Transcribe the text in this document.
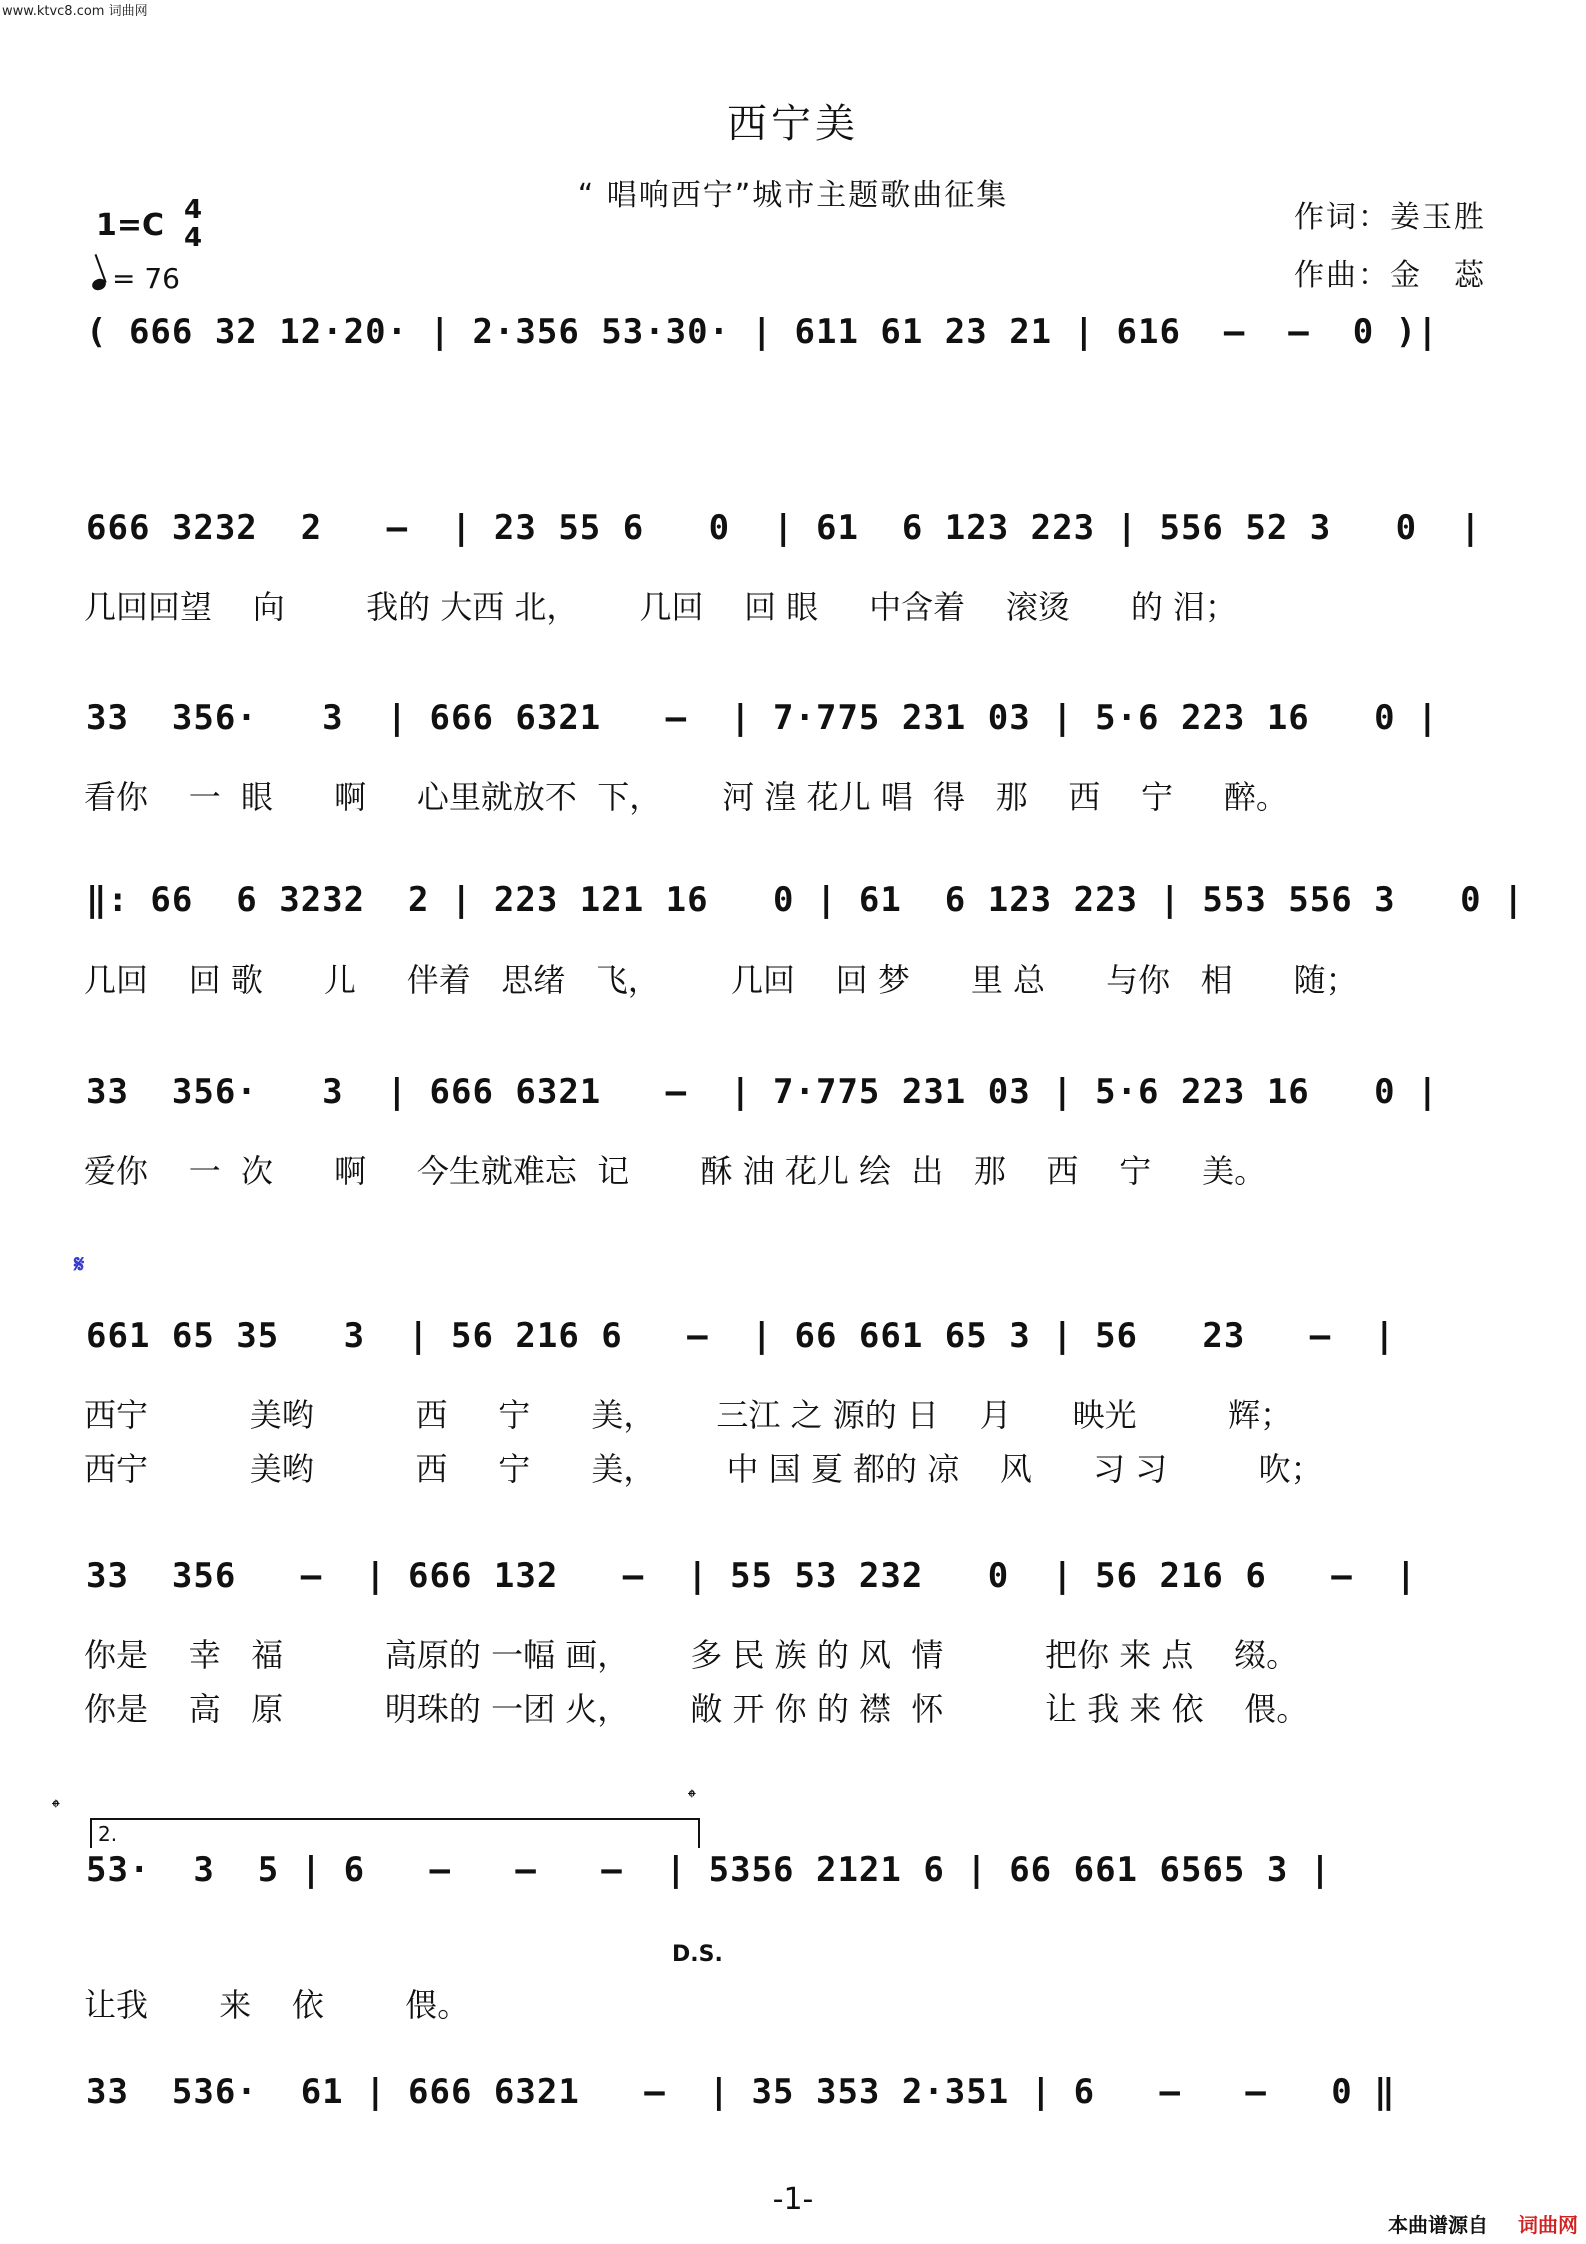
www.ktvc8.com 词曲网
西宁美
“ 唱响西宁”城市主题歌曲征集
1=C 4
4
= 76
作词：姜玉胜
作曲：金　蕊
( 666 32 12·20· | 2·356 53·30· | 611 61 23 21 | 616  –  –  0 )|
666 3232  2   –  | 23 55 6   0  | 61  6 123 223 | 556 52 3   0  |
几回回望    向        我的 大西 北，      几回    回 眼     中含着    滚烫      的 泪；
33  356·   3  | 666 6321   –  | 7·775 231 03 | 5·6 223 16   0 |
看你    一  眼      啊     心里就放不  下，      河 湟 花儿 唱  得   那    西    宁     醉。
‖: 66  6 3232  2 | 223 121 16   0 | 61  6 123 223 | 553 556 3   0 |
几回    回 歌      儿     伴着   思绪   飞，       几回    回 梦      里 总      与你   相      随；
33  356·   3  | 666 6321   –  | 7·775 231 03 | 5·6 223 16   0 |
爱你    一  次      啊     今生就难忘  记       酥 油 花儿 绘  出   那    西    宁     美。
𝄋
661 65 35   3  | 56 216 6   –  | 66 661 65 3 | 56   23   –  |
西宁          美哟          西     宁      美，      三江 之 源的 日    月      映光         辉；
西宁          美哟          西     宁      美，       中 国 夏 都的 凉    风      习 习         吹；
33  356   –  | 666 132   –  | 55 53 232   0  | 56 216 6   –  |
你是    幸   福          高原的 一幅 画，      多 民 族 的 风  情          把你 来 点    缀。
你是    高   原          明珠的 一团 火，      敞 开 你 的 襟  怀          让 我 来 依    偎。
𝄌	𝄌
2.
53·  3  5 | 6   –   –   –  | 5356 2121 6 | 66 661 6565 3 |
D.S.
让我       来    依        偎。
33  536·  61 | 666 6321   –  | 35 353 2·351 | 6   –   –   0 ‖
-1-
本曲谱源自 词曲网
